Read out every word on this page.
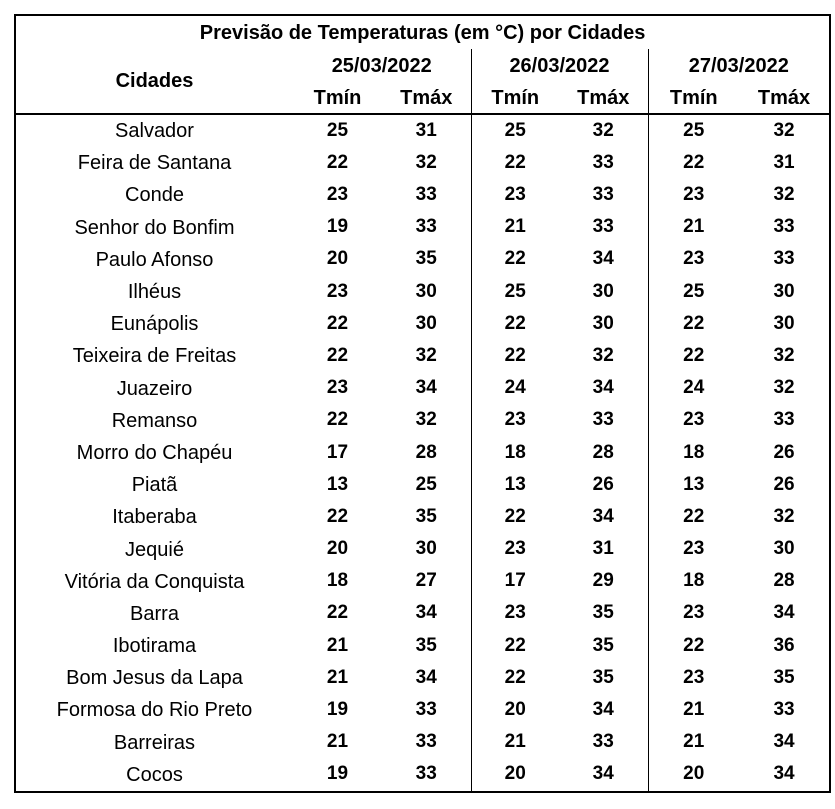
Previsão de Temperaturas (em °C) por Cidades						
Cidades	25/03/2022		26/03/2022		27/03/2022	
	Tmín	Tmáx	Tmín	Tmáx	Tmín	Tmáx
Salvador	25	31	25	32	25	32
Feira de Santana	22	32	22	33	22	31
Conde	23	33	23	33	23	32
Senhor do Bonfim	19	33	21	33	21	33
Paulo Afonso	20	35	22	34	23	33
Ilhéus	23	30	25	30	25	30
Eunápolis	22	30	22	30	22	30
Teixeira de Freitas	22	32	22	32	22	32
Juazeiro	23	34	24	34	24	32
Remanso	22	32	23	33	23	33
Morro do Chapéu	17	28	18	28	18	26
Piatã	13	25	13	26	13	26
Itaberaba	22	35	22	34	22	32
Jequié	20	30	23	31	23	30
Vitória da Conquista	18	27	17	29	18	28
Barra	22	34	23	35	23	34
Ibotirama	21	35	22	35	22	36
Bom Jesus da Lapa	21	34	22	35	23	35
Formosa do Rio Preto	19	33	20	34	21	33
Barreiras	21	33	21	33	21	34
Cocos	19	33	20	34	20	34
